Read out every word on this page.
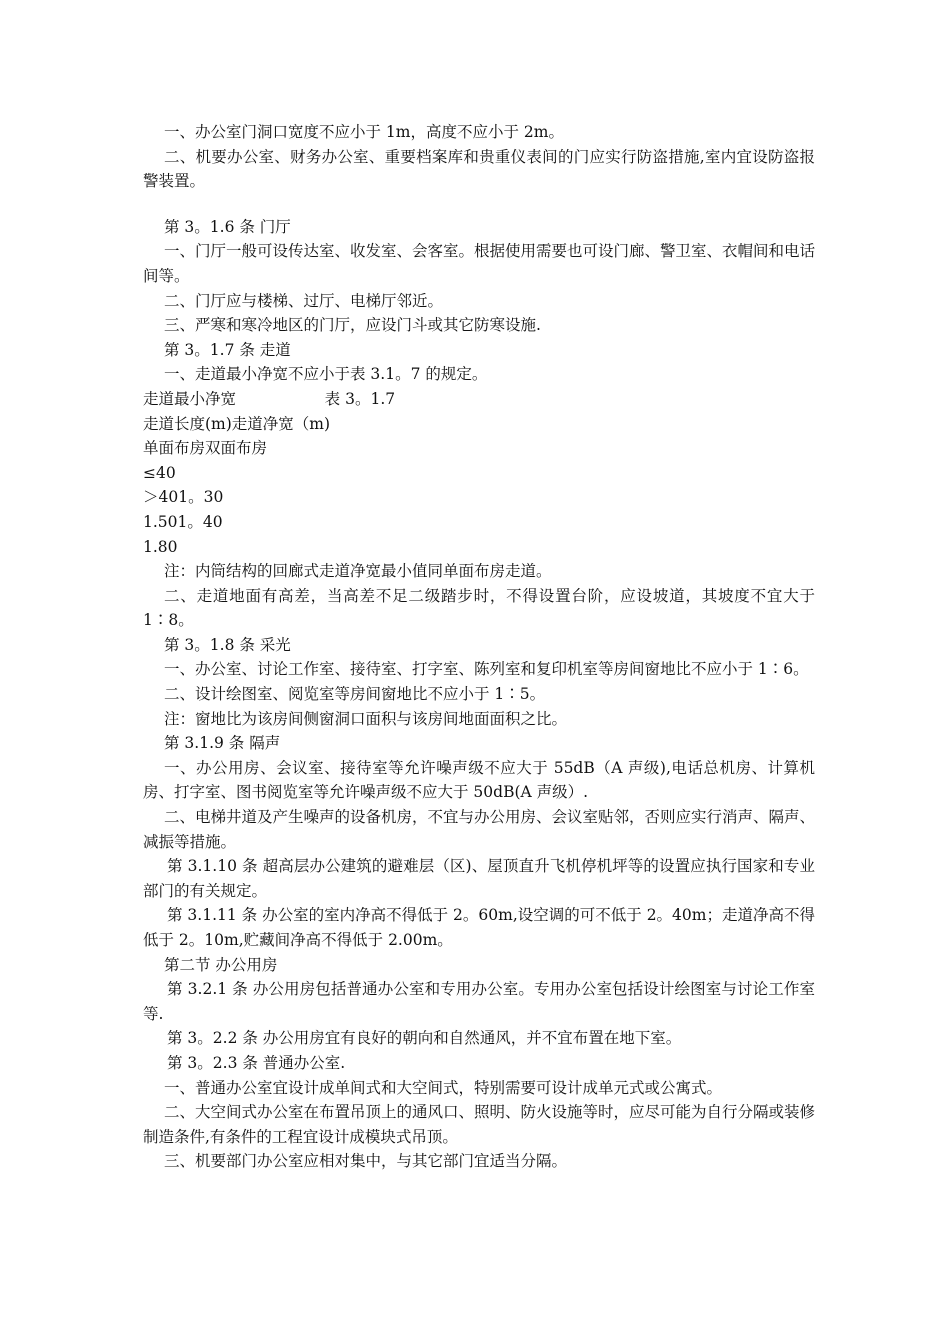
一、办公室门洞口宽度不应小于 1m，高度不应小于 2m。

二、机要办公室、财务办公室、重要档案库和贵重仪表间的门应实行防盗措施,室内宜设防盗报警装置。

第 3。1.6 条 门厅

一、门厅一般可设传达室、收发室、会客室。根据使用需要也可设门廊、警卫室、衣帽间和电话间等。

二、门厅应与楼梯、过厅、电梯厅邻近。

三、严寒和寒冷地区的门厅，应设门斗或其它防寒设施.

第 3。1.7 条 走道

一、走道最小净宽不应小于表 3.1。7 的规定。

走道最小净宽                  表 3。1.7

走道长度(m)走道净宽（m)

单面布房双面布房

≤40

＞401。30

1.501。40

1.80

注：内筒结构的回廊式走道净宽最小值同单面布房走道。

二、走道地面有高差，当高差不足二级踏步时，不得设置台阶，应设坡道，其坡度不宜大于 1∶8。

第 3。1.8 条 采光

一、办公室、讨论工作室、接待室、打字室、陈列室和复印机室等房间窗地比不应小于 1∶6。

二、设计绘图室、阅览室等房间窗地比不应小于 1∶5。

注：窗地比为该房间侧窗洞口面积与该房间地面面积之比。

第 3.1.9 条 隔声

一、办公用房、会议室、接待室等允许噪声级不应大于 55dB（A 声级),电话总机房、计算机房、打字室、图书阅览室等允许噪声级不应大于 50dB(A 声级）.

二、电梯井道及产生噪声的设备机房，不宜与办公用房、会议室贴邻，否则应实行消声、隔声、减振等措施。

第 3.1.10 条 超高层办公建筑的避难层（区)、屋顶直升飞机停机坪等的设置应执行国家和专业部门的有关规定。

第 3.1.11 条 办公室的室内净高不得低于 2。60m,设空调的可不低于 2。40m；走道净高不得低于 2。10m,贮藏间净高不得低于 2.00m。

第二节 办公用房

第 3.2.1 条 办公用房包括普通办公室和专用办公室。专用办公室包括设计绘图室与讨论工作室等.

第 3。2.2 条 办公用房宜有良好的朝向和自然通风，并不宜布置在地下室。

第 3。2.3 条 普通办公室.

一、普通办公室宜设计成单间式和大空间式，特别需要可设计成单元式或公寓式。

二、大空间式办公室在布置吊顶上的通风口、照明、防火设施等时，应尽可能为自行分隔或装修制造条件,有条件的工程宜设计成模块式吊顶。

三、机要部门办公室应相对集中，与其它部门宜适当分隔。
